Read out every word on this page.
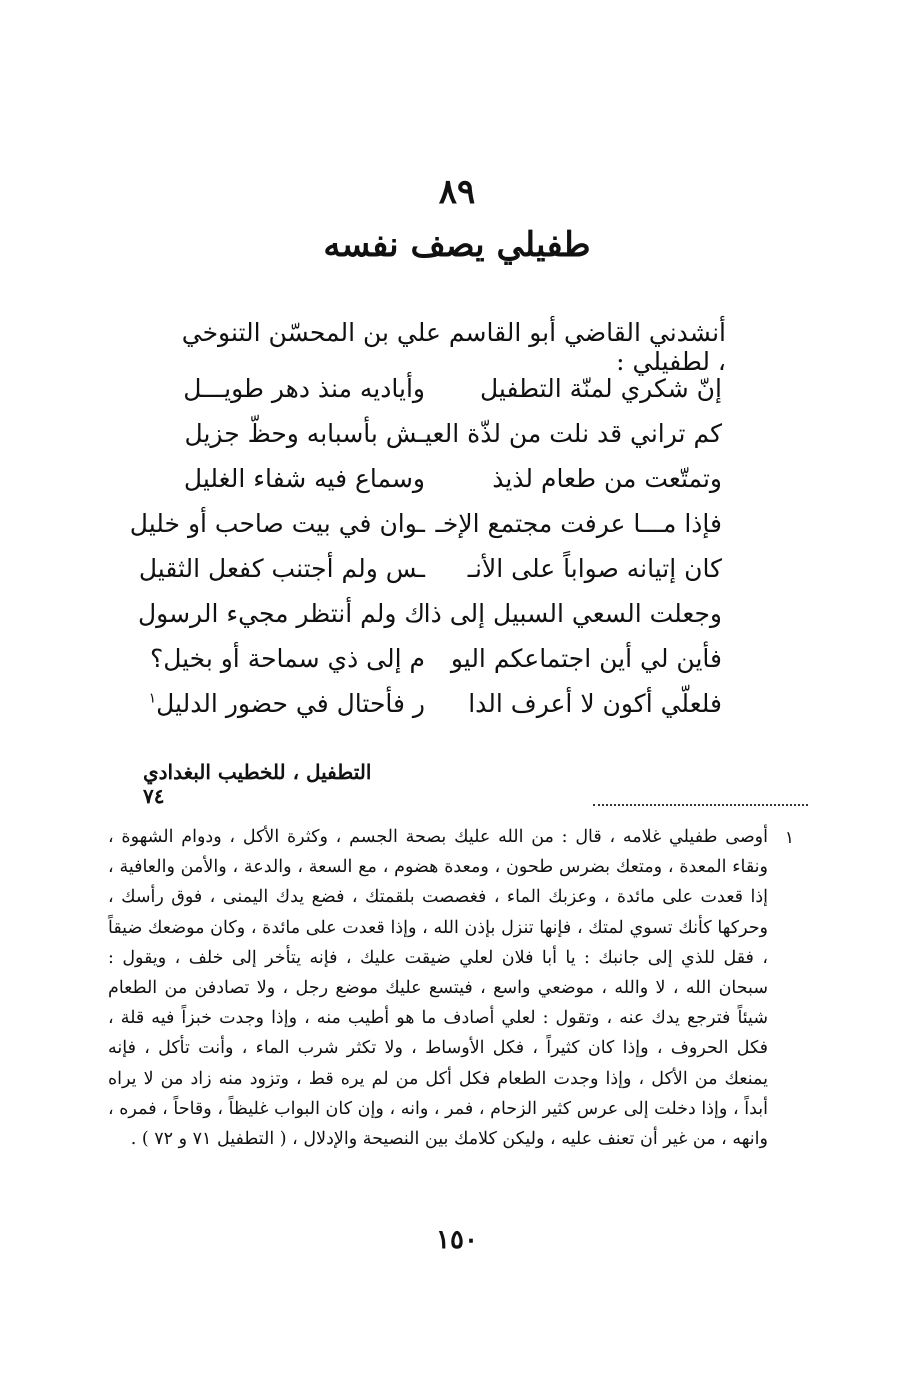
٨٩
طفيلي يصف نفسه
أنشدني القاضي أبو القاسم علي بن المحسّن التنوخي ، لطفيلي :
إنّ شكري لمنّة التطفيل
وأياديه منذ دهر طويـــل
كم تراني قد نلت من لذّة العيـ
ـش بأسبابه وحظّ جزيل
وتمتّعت من طعام لذيذ
وسماع فيه شفاء الغليل
فإذا مـــا عرفت مجتمع الإخـ
ـوان في بيت صاحب أو خليل
كان إتيانه صواباً على الأنـ
ـس ولم أجتنب كفعل الثقيل
وجعلت السعي السبيل إلى ذا
ك ولم أنتظر مجيء الرسول
فأين لي أين اجتماعكم اليو
م إلى ذي سماحة أو بخيل؟
فلعلّي أكون لا أعرف الدا
ر فأحتال في حضور الدليل$^١$
التطفيل ، للخطيب البغدادي ٧٤
١
أوصى طفيلي غلامه ، قال : من الله عليك بصحة الجسم ، وكثرة الأكل ، ودوام الشهوة ، ونقاء المعدة ، ومتعك بضرس طحون ، ومعدة هضوم ، مع السعة ، والدعة ، والأمن والعافية ، إذا قعدت على مائدة ، وعزبك الماء ، فغصصت بلقمتك ، فضع يدك اليمنى ، فوق رأسك ، وحركها كأنك تسوي لمتك ، فإنها تنزل بإذن الله ، وإذا قعدت على مائدة ، وكان موضعك ضيقاً ، فقل للذي إلى جانبك : يا أبا فلان لعلي ضيقت عليك ، فإنه يتأخر إلى خلف ، ويقول : سبحان الله ، لا والله ، موضعي واسع ، فيتسع عليك موضع رجل ، ولا تصادفن من الطعام شيئاً فترجع يدك عنه ، وتقول : لعلي أصادف ما هو أطيب منه ، وإذا وجدت خبزاً فيه قلة ، فكل الحروف ، وإذا كان كثيراً ، فكل الأوساط ، ولا تكثر شرب الماء ، وأنت تأكل ، فإنه يمنعك من الأكل ، وإذا وجدت الطعام فكل أكل من لم يره قط ، وتزود منه زاد من لا يراه أبداً ، وإذا دخلت إلى عرس كثير الزحام ، فمر ، وانه ، وإن كان البواب غليظاً ، وقاحاً ، فمره ، وانهه ، من غير أن تعنف عليه ، وليكن كلامك بين النصيحة والإدلال ، ( التطفيل ٧١ و ٧٢ ) .
١٥٠
